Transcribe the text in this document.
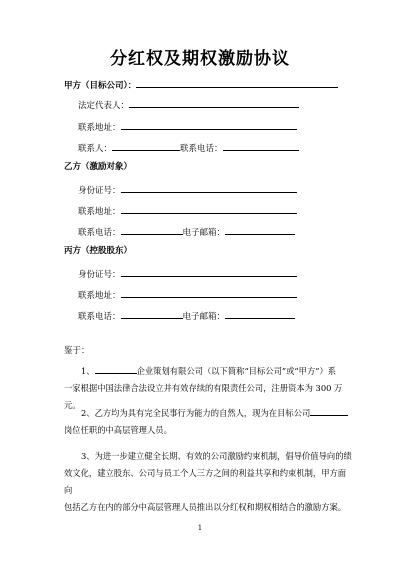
分红权及期权激励协议
甲方（目标公司）：
法定代表人：
联系地址：
联系人：	联系电话：
乙方（激励对象）
身份证号：
联系地址：
联系电话：	电子邮箱：
丙方（控股股东）
身份证号：
联系地址：
联系电话：	电子邮箱：
鉴于：
1、	企业策划有限公司（以下简称“目标公司”或“甲方”）系
一家根据中国法律合法设立并有效存续的有限责任公司，注册资本为 300 万元。
2、乙方均为具有完全民事行为能力的自然人，现为在目标公司
岗位任职的中高层管理人员。
3、为进一步建立健全长期、有效的公司激励约束机制，倡导价值导向的绩
效文化，建立股东、公司与员工个人三方之间的利益共享和约束机制，甲方面向
包括乙方在内的部分中高层管理人员推出以分红权和期权相结合的激励方案。
1
